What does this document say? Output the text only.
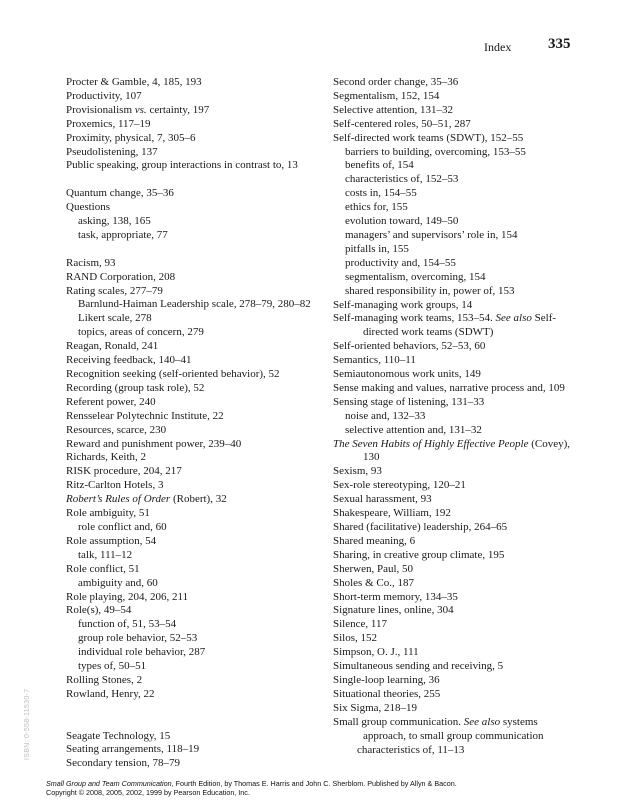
Index 335
Procter & Gamble, 4, 185, 193
Productivity, 107
Provisionalism vs. certainty, 197
Proxemics, 117–19
Proximity, physical, 7, 305–6
Pseudolistening, 137
Public speaking, group interactions in contrast to, 13
Quantum change, 35–36
Questions
asking, 138, 165
task, appropriate, 77
Racism, 93
RAND Corporation, 208
Rating scales, 277–79
Barnlund-Haiman Leadership scale, 278–79, 280–82
Likert scale, 278
topics, areas of concern, 279
Reagan, Ronald, 241
Receiving feedback, 140–41
Recognition seeking (self-oriented behavior), 52
Recording (group task role), 52
Referent power, 240
Rensselear Polytechnic Institute, 22
Resources, scarce, 230
Reward and punishment power, 239–40
Richards, Keith, 2
RISK procedure, 204, 217
Ritz-Carlton Hotels, 3
Robert’s Rules of Order (Robert), 32
Role ambiguity, 51
role conflict and, 60
Role assumption, 54
talk, 111–12
Role conflict, 51
ambiguity and, 60
Role playing, 204, 206, 211
Role(s), 49–54
function of, 51, 53–54
group role behavior, 52–53
individual role behavior, 287
types of, 50–51
Rolling Stones, 2
Rowland, Henry, 22
Seagate Technology, 15
Seating arrangements, 118–19
Secondary tension, 78–79
Second order change, 35–36
Segmentalism, 152, 154
Selective attention, 131–32
Self-centered roles, 50–51, 287
Self-directed work teams (SDWT), 152–55
barriers to building, overcoming, 153–55
benefits of, 154
characteristics of, 152–53
costs in, 154–55
ethics for, 155
evolution toward, 149–50
managers’ and supervisors’ role in, 154
pitfalls in, 155
productivity and, 154–55
segmentalism, overcoming, 154
shared responsibility in, power of, 153
Self-managing work groups, 14
Self-managing work teams, 153–54. See also Self-
directed work teams (SDWT)
Self-oriented behaviors, 52–53, 60
Semantics, 110–11
Semiautonomous work units, 149
Sense making and values, narrative process and, 109
Sensing stage of listening, 131–33
noise and, 132–33
selective attention and, 131–32
The Seven Habits of Highly Effective People (Covey),
130
Sexism, 93
Sex-role stereotyping, 120–21
Sexual harassment, 93
Shakespeare, William, 192
Shared (facilitative) leadership, 264–65
Shared meaning, 6
Sharing, in creative group climate, 195
Sherwen, Paul, 50
Sholes & Co., 187
Short-term memory, 134–35
Signature lines, online, 304
Silence, 117
Silos, 152
Simpson, O. J., 111
Simultaneous sending and receiving, 5
Single-loop learning, 36
Situational theories, 255
Six Sigma, 218–19
Small group communication. See also systems
approach, to small group communication
characteristics of, 11–13
ISBN: 0-558-11530-7
Small Group and Team Communication, Fourth Edition, by Thomas E. Harris and John C. Sherblom. Published by Allyn & Bacon.
Copyright © 2008, 2005, 2002, 1999 by Pearson Education, Inc.
